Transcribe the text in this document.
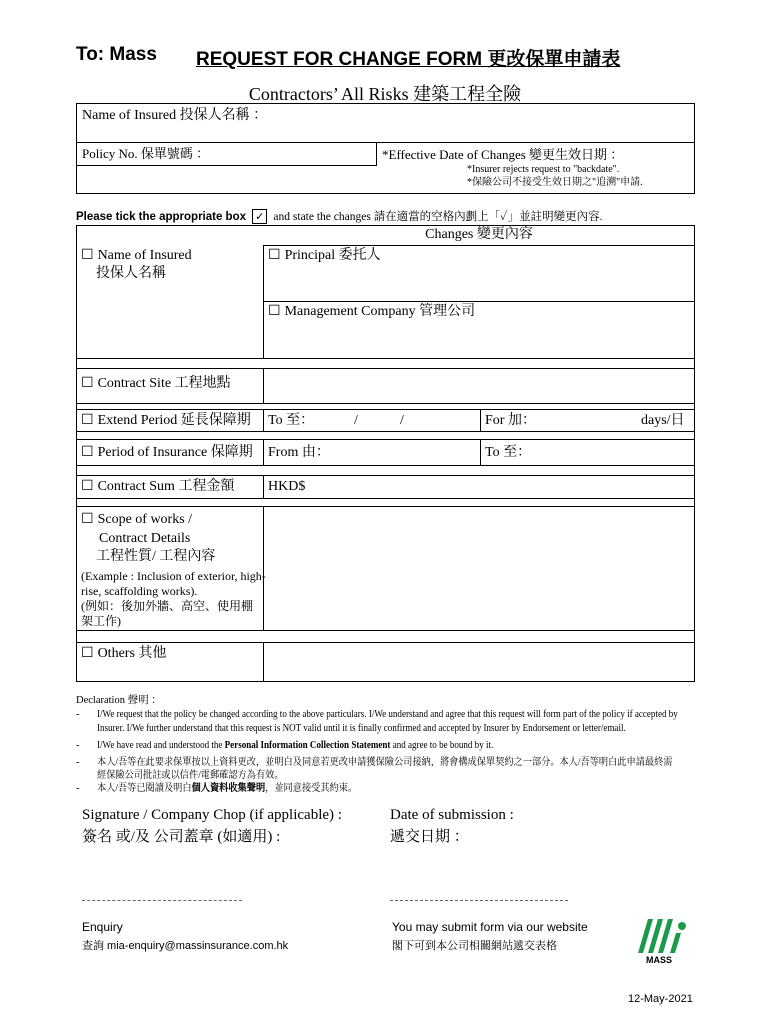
To: Mass REQUEST FOR CHANGE FORM 更改保單申請表
Contractors’ All Risks 建築工程全險
Name of Insured 投保人名稱 ：
Policy No. 保單號碼 ：	*Effective Date of Changes 變更生效日期 ：
*Insurer rejects request to "backdate".
*保險公司不接受生效日期之"追溯"申請.
Please tick the appropriate box ✓ and state the changes 請在適當的空格內劃上「✓」並註明變更內容.
Changes 變更內容
☐ Name of Insured
投保人名稱
☐ Principal 委托人
☐ Management Company 管理公司
☐ Contract Site 工程地點
☐ Extend Period 延長保障期 To 至：	/	/	For 加：	days/日
☐ Period of Insurance 保障期 From 由：	To 至：
☐ Contract Sum 工程金額 HKD$
☐ Scope of works /
Contract Details
工程性質/ 工程內容
(Example : Inclusion of exterior, high-
rise, scaffolding works).
(例如：後加外牆、高空、使用棚
架工作)
☐ Others 其他
Declaration 聲明 ：
- I/We request that the policy be changed according to the above particulars. I/We understand and agree that this request will form part of the policy if accepted by
Insurer. I/We further understand that this request is NOT valid until it is finally confirmed and accepted by Insurer by Endorsement or letter/email.
- I/We have read and understood the Personal Information Collection Statement and agree to be bound by it.
- 本人/吾等在此要求保單按以上資料更改，並明白及同意若更改申請獲保險公司接納，將會構成保單契約之一部分。本人/吾等明白此申請最終需
經保險公司批註或以信件/電郵確認方為有效。
- 本人/吾等已閱讀及明白個人資料收集聲明，並同意接受其約束。
Signature / Company Chop (if applicable) :
簽名 或/及 公司蓋章 (如適用) :
Date of submission :
遞交日期 ：
Enquiry
查詢 mia-enquiry@massinsurance.com.hk
You may submit form via our website
閣下可到本公司相關網站遞交表格
MASS
12-May-2021
